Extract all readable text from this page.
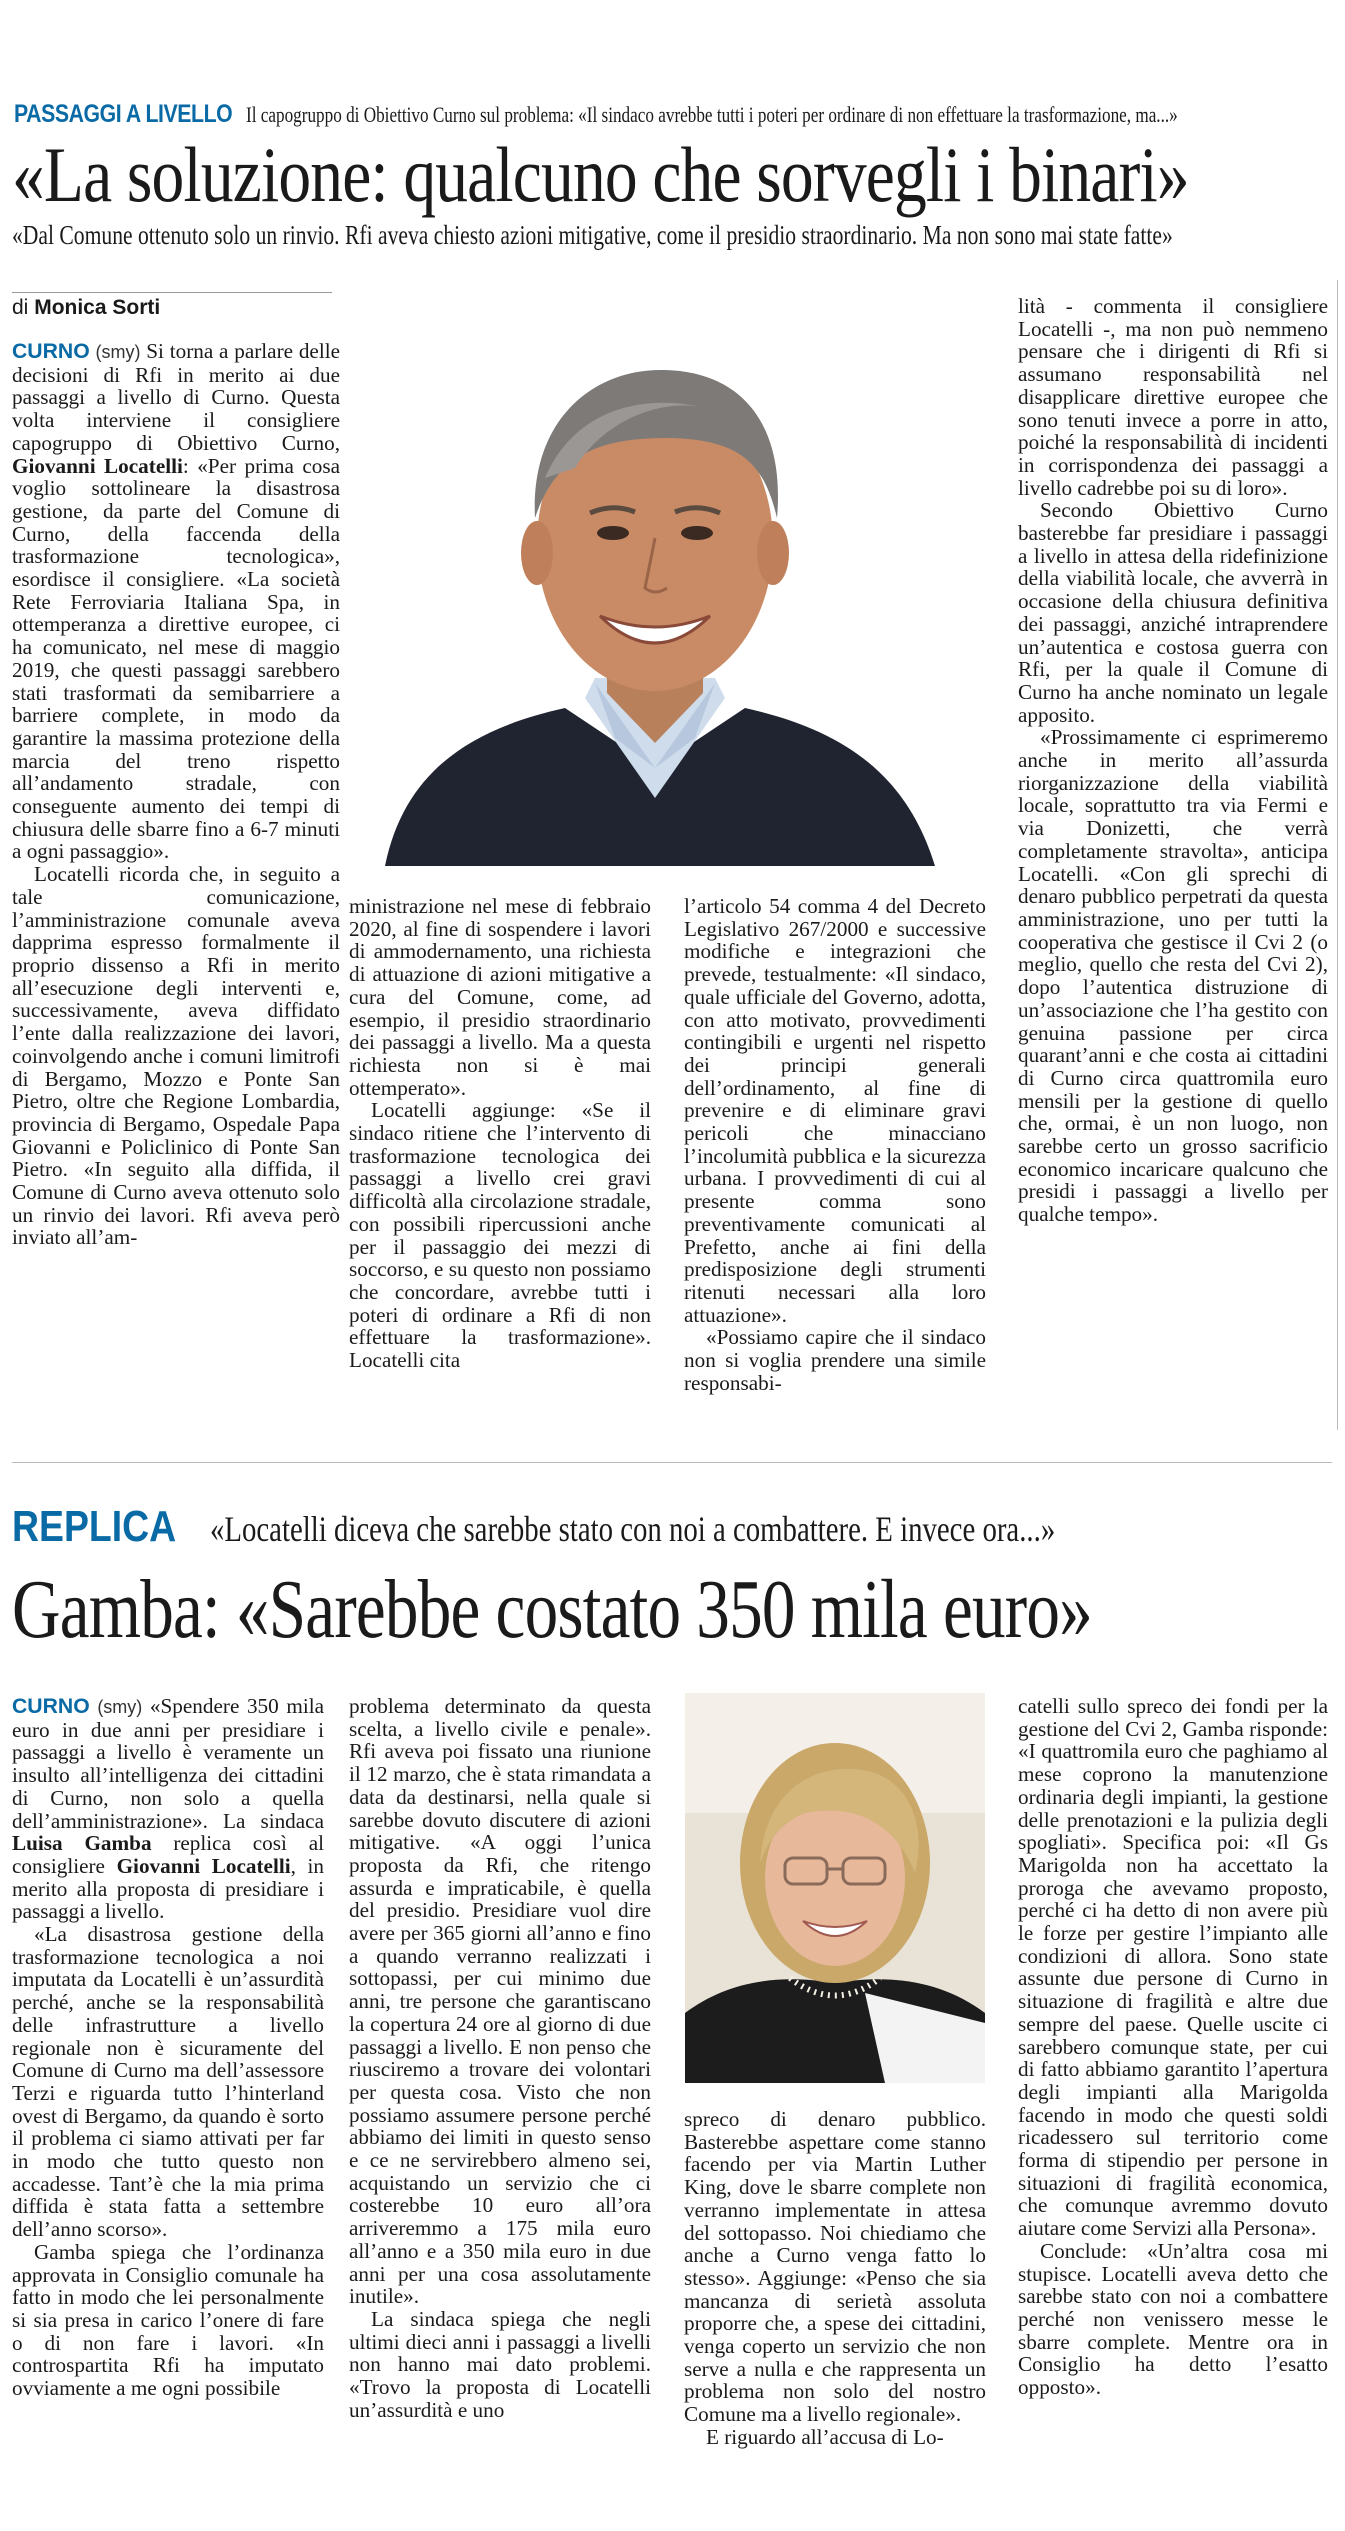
PASSAGGI A LIVELLO Il capogruppo di Obiettivo Curno sul problema: «Il sindaco avrebbe tutti i poteri per ordinare di non effettuare la trasformazione, ma...»
«La soluzione: qualcuno che sorvegli i binari»
«Dal Comune ottenuto solo un rinvio. Rfi aveva chiesto azioni mitigative, come il presidio straordinario. Ma non sono mai state fatte»
di Monica Sorti

CURNO (smy) Si torna a parlare delle decisioni di Rfi in merito ai due passaggi a livello di Curno. Questa volta interviene il consigliere capogruppo di Obiettivo Curno, Giovanni Locatelli: «Per prima cosa voglio sottolineare la disastrosa gestione, da parte del Comune di Curno, della faccenda della trasformazione tecnologica», esordisce il consigliere. «La società Rete Ferroviaria Italiana Spa, in ottemperanza a direttive europee, ci ha comunicato, nel mese di maggio 2019, che questi passaggi sarebbero stati trasformati da semibarriere a barriere complete, in modo da garantire la massima protezione della marcia del treno rispetto all’andamento stradale, con conseguente aumento dei tempi di chiusura delle sbarre fino a 6-7 minuti a ogni passaggio».

Locatelli ricorda che, in seguito a tale comunicazione, l’amministrazione comunale aveva dapprima espresso formalmente il proprio dissenso a Rfi in merito all’esecuzione degli interventi e, successivamente, aveva diffidato l’ente dalla realizzazione dei lavori, coinvolgendo anche i comuni limitrofi di Bergamo, Mozzo e Ponte San Pietro, oltre che Regione Lombardia, provincia di Bergamo, Ospedale Papa Giovanni e Policlinico di Ponte San Pietro. «In seguito alla diffida, il Comune di Curno aveva ottenuto solo un rinvio dei lavori. Rfi aveva però inviato all’am-

ministrazione nel mese di febbraio 2020, al fine di sospendere i lavori di ammodernamento, una richiesta di attuazione di azioni mitigative a cura del Comune, come, ad esempio, il presidio straordinario dei passaggi a livello. Ma a questa richiesta non si è mai ottemperato».

Locatelli aggiunge: «Se il sindaco ritiene che l’intervento di trasformazione tecnologica dei passaggi a livello crei gravi difficoltà alla circolazione stradale, con possibili ripercussioni anche per il passaggio dei mezzi di soccorso, e su questo non possiamo che concordare, avrebbe tutti i poteri di ordinare a Rfi di non effettuare la trasformazione». Locatelli cita

l’articolo 54 comma 4 del Decreto Legislativo 267/2000 e successive modifiche e integrazioni che prevede, testualmente: «Il sindaco, quale ufficiale del Governo, adotta, con atto motivato, provvedimenti contingibili e urgenti nel rispetto dei principi generali dell’ordinamento, al fine di prevenire e di eliminare gravi pericoli che minacciano l’incolumità pubblica e la sicurezza urbana. I provvedimenti di cui al presente comma sono preventivamente comunicati al Prefetto, anche ai fini della predisposizione degli strumenti ritenuti necessari alla loro attuazione».

«Possiamo capire che il sindaco non si voglia prendere una simile responsabi-

lità - commenta il consigliere Locatelli -, ma non può nemmeno pensare che i dirigenti di Rfi si assumano responsabilità nel disapplicare direttive europee che sono tenuti invece a porre in atto, poiché la responsabilità di incidenti in corrispondenza dei passaggi a livello cadrebbe poi su di loro».

Secondo Obiettivo Curno basterebbe far presidiare i passaggi a livello in attesa della ridefinizione della viabilità locale, che avverrà in occasione della chiusura definitiva dei passaggi, anziché intraprendere un’autentica e costosa guerra con Rfi, per la quale il Comune di Curno ha anche nominato un legale apposito.

«Prossimamente ci esprimeremo anche in merito all’assurda riorganizzazione della viabilità locale, soprattutto tra via Fermi e via Donizetti, che verrà completamente stravolta», anticipa Locatelli. «Con gli sprechi di denaro pubblico perpetrati da questa amministrazione, uno per tutti la cooperativa che gestisce il Cvi 2 (o meglio, quello che resta del Cvi 2), dopo l’autentica distruzione di un’associazione che l’ha gestito con genuina passione per circa quarant’anni e che costa ai cittadini di Curno circa quattromila euro mensili per la gestione di quello che, ormai, è un non luogo, non sarebbe certo un grosso sacrificio economico incaricare qualcuno che presidi i passaggi a livello per qualche tempo».

REPLICA «Locatelli diceva che sarebbe stato con noi a combattere. E invece ora...»
Gamba: «Sarebbe costato 350 mila euro»

CURNO (smy) «Spendere 350 mila euro in due anni per presidiare i passaggi a livello è veramente un insulto all’intelligenza dei cittadini di Curno, non solo a quella dell’amministrazione». La sindaca Luisa Gamba replica così al consigliere Giovanni Locatelli, in merito alla proposta di presidiare i passaggi a livello.

«La disastrosa gestione della trasformazione tecnologica a noi imputata da Locatelli è un’assurdità perché, anche se la responsabilità delle infrastrutture a livello regionale non è sicuramente del Comune di Curno ma dell’assessore Terzi e riguarda tutto l’hinterland ovest di Bergamo, da quando è sorto il problema ci siamo attivati per far in modo che tutto questo non accadesse. Tant’è che la mia prima diffida è stata fatta a settembre dell’anno scorso».

Gamba spiega che l’ordinanza approvata in Consiglio comunale ha fatto in modo che lei personalmente si sia presa in carico l’onere di fare o di non fare i lavori. «In controspartita Rfi ha imputato ovviamente a me ogni possibile

problema determinato da questa scelta, a livello civile e penale». Rfi aveva poi fissato una riunione il 12 marzo, che è stata rimandata a data da destinarsi, nella quale si sarebbe dovuto discutere di azioni mitigative. «A oggi l’unica proposta da Rfi, che ritengo assurda e impraticabile, è quella del presidio. Presidiare vuol dire avere per 365 giorni all’anno e fino a quando verranno realizzati i sottopassi, per cui minimo due anni, tre persone che garantiscano la copertura 24 ore al giorno di due passaggi a livello. E non penso che riusciremo a trovare dei volontari per questa cosa. Visto che non possiamo assumere persone perché abbiamo dei limiti in questo senso e ce ne servirebbero almeno sei, acquistando un servizio che ci costerebbe 10 euro all’ora arriveremmo a 175 mila euro all’anno e a 350 mila euro in due anni per una cosa assolutamente inutile».

La sindaca spiega che negli ultimi dieci anni i passaggi a livelli non hanno mai dato problemi. «Trovo la proposta di Locatelli un’assurdità e uno

spreco di denaro pubblico. Basterebbe aspettare come stanno facendo per via Martin Luther King, dove le sbarre complete non verranno implementate in attesa del sottopasso. Noi chiediamo che anche a Curno venga fatto lo stesso». Aggiunge: «Penso che sia mancanza di serietà assoluta proporre che, a spese dei cittadini, venga coperto un servizio che non serve a nulla e che rappresenta un problema non solo del nostro Comune ma a livello regionale».

E riguardo all’accusa di Lo-

catelli sullo spreco dei fondi per la gestione del Cvi 2, Gamba risponde: «I quattromila euro che paghiamo al mese coprono la manutenzione ordinaria degli impianti, la gestione delle prenotazioni e la pulizia degli spogliati». Specifica poi: «Il Gs Marigolda non ha accettato la proroga che avevamo proposto, perché ci ha detto di non avere più le forze per gestire l’impianto alle condizioni di allora. Sono state assunte due persone di Curno in situazione di fragilità e altre due sempre del paese. Quelle uscite ci sarebbero comunque state, per cui di fatto abbiamo garantito l’apertura degli impianti alla Marigolda facendo in modo che questi soldi ricadessero sul territorio come forma di stipendio per persone in situazioni di fragilità economica, che comunque avremmo dovuto aiutare come Servizi alla Persona».

Conclude: «Un’altra cosa mi stupisce. Locatelli aveva detto che sarebbe stato con noi a combattere perché non venissero messe le sbarre complete. Mentre ora in Consiglio ha detto l’esatto opposto».
